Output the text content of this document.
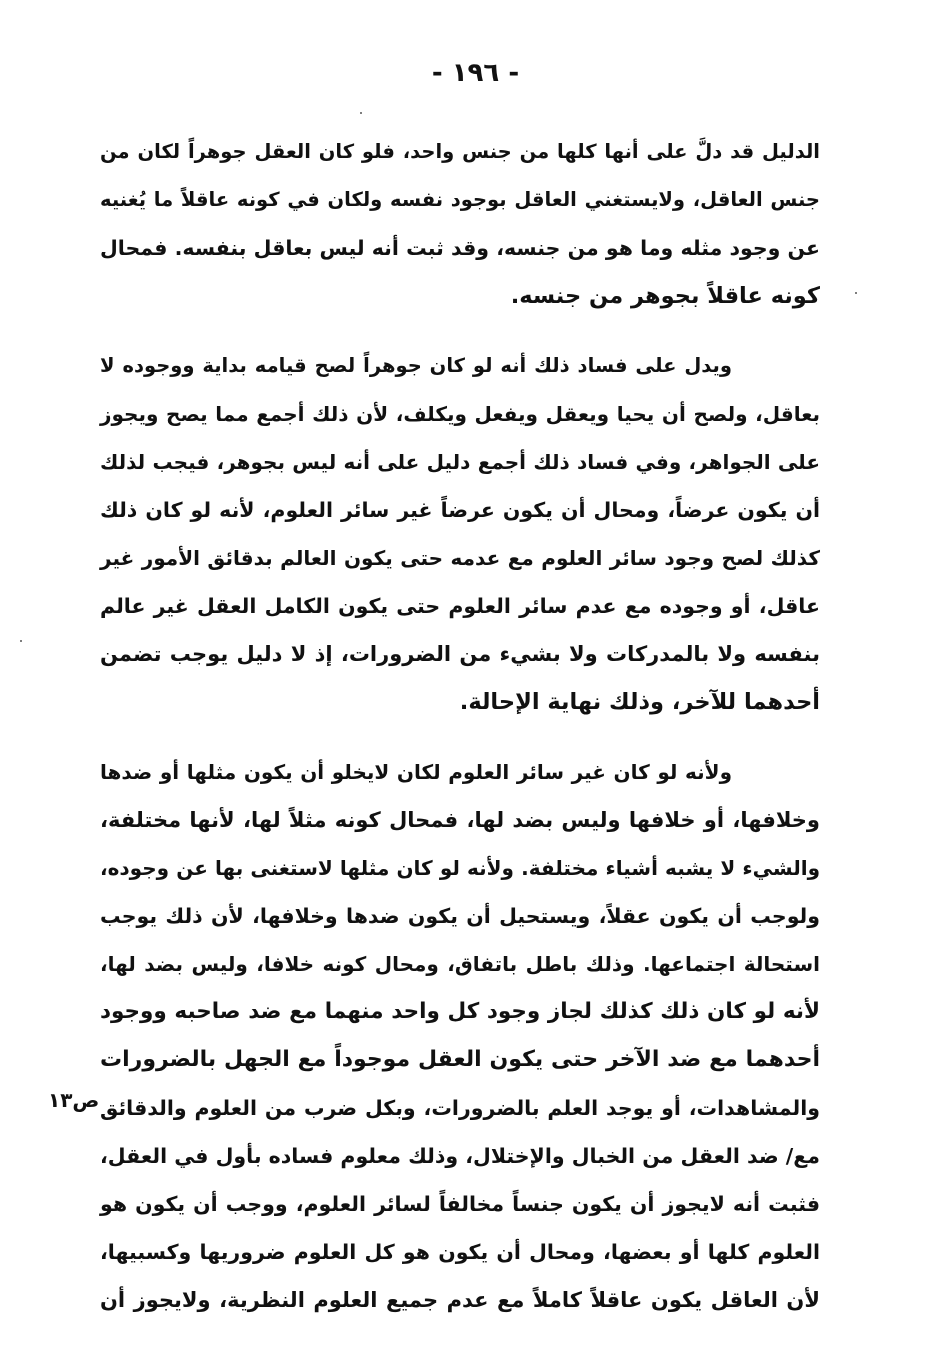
- ١٩٦ -

الدليل قد دلَّ على أنها كلها من جنس واحد، فلو كان العقل جوهراً لكان من
جنس العاقل، ولايستغني العاقل بوجود نفسه ولكان في كونه عاقلاً ما يُغنيه
عن وجود مثله وما هو من جنسه، وقد ثبت أنه ليس بعاقل بنفسه. فمحال
كونه عاقلاً بجوهر من جنسه.

ويدل على فساد ذلك أنه لو كان جوهراً لصح قيامه بداية ووجوده لا
بعاقل، ولصح أن يحيا ويعقل ويفعل ويكلف، لأن ذلك أجمع مما يصح ويجوز
على الجواهر، وفي فساد ذلك أجمع دليل على أنه ليس بجوهر، فيجب لذلك
أن يكون عرضاً، ومحال أن يكون عرضاً غير سائر العلوم، لأنه لو كان ذلك
كذلك لصح وجود سائر العلوم مع عدمه حتى يكون العالم بدقائق الأمور غير
عاقل، أو وجوده مع عدم سائر العلوم حتى يكون الكامل العقل غير عالم
بنفسه ولا بالمدركات ولا بشيء من الضرورات، إذ لا دليل يوجب تضمن
أحدهما للآخر، وذلك نهاية الإحالة.

ولأنه لو كان غير سائر العلوم لكان لايخلو أن يكون مثلها أو ضدها
وخلافها، أو خلافها وليس بضد لها، فمحال كونه مثلاً لها، لأنها مختلفة،
والشيء لا يشبه أشياء مختلفة. ولأنه لو كان مثلها لاستغنى بها عن وجوده،
ولوجب أن يكون عقلاً، ويستحيل أن يكون ضدها وخلافها، لأن ذلك يوجب
استحالة اجتماعها. وذلك باطل باتفاق، ومحال كونه خلافا، وليس بضد لها،
لأنه لو كان ذلك كذلك لجاز وجود كل واحد منهما مع ضد صاحبه ووجود
أحدهما مع ضد الآخر حتى يكون العقل موجوداً مع الجهل بالضرورات
والمشاهدات، أو يوجد العلم بالضرورات، وبكل ضرب من العلوم والدقائق
مع/ ضد العقل من الخبال والإختلال، وذلك معلوم فساده بأول في العقل،
فثبت أنه لايجوز أن يكون جنساً مخالفاً لسائر العلوم، ووجب أن يكون هو
العلوم كلها أو بعضها، ومحال أن يكون هو كل العلوم ضروريها وكسبيها،
لأن العاقل يكون عاقلاً كاملاً مع عدم جميع العلوم النظرية، ولايجوز أن

ص١٣
